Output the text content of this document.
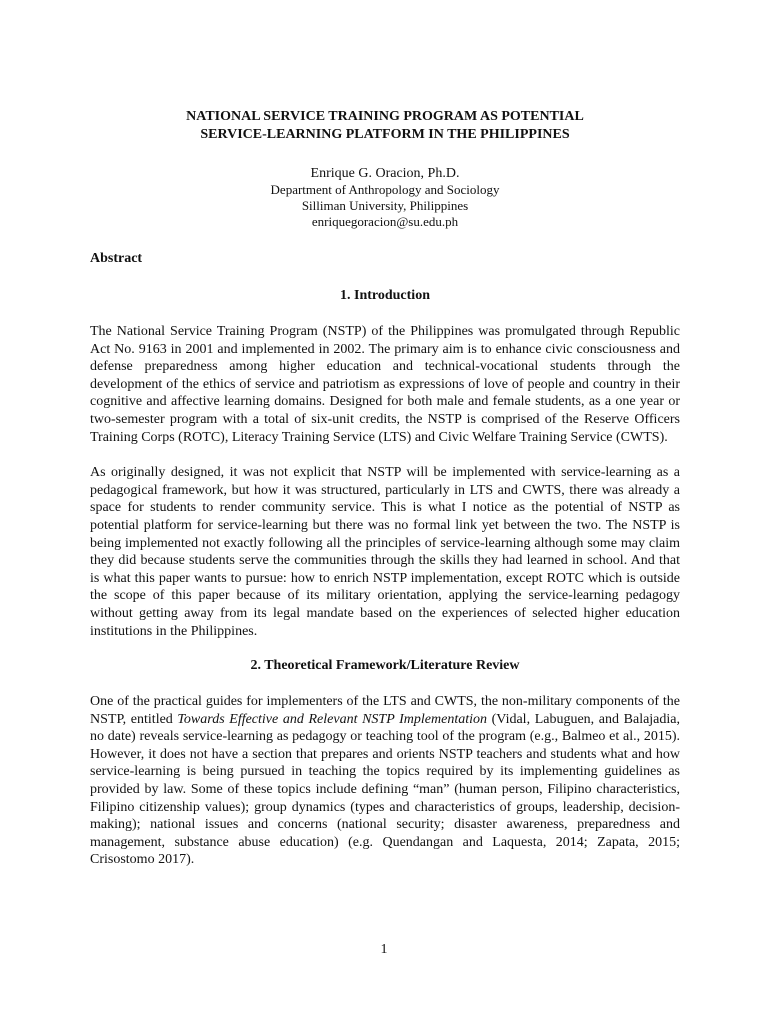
NATIONAL SERVICE TRAINING PROGRAM AS POTENTIAL
SERVICE-LEARNING PLATFORM IN THE PHILIPPINES
Enrique G. Oracion, Ph.D.
Department of Anthropology and Sociology
Silliman University, Philippines
enriquegoracion@su.edu.ph
Abstract
1. Introduction

The National Service Training Program (NSTP) of the Philippines was promulgated through Republic Act No. 9163 in 2001 and implemented in 2002. The primary aim is to enhance civic consciousness and defense preparedness among higher education and technical-vocational students through the development of the ethics of service and patriotism as expressions of love of people and country in their cognitive and affective learning domains. Designed for both male and female students, as a one year or two-semester program with a total of six-unit credits, the NSTP is comprised of the Reserve Officers Training Corps (ROTC), Literacy Training Service (LTS) and Civic Welfare Training Service (CWTS).

As originally designed, it was not explicit that NSTP will be implemented with service-learning as a pedagogical framework, but how it was structured, particularly in LTS and CWTS, there was already a space for students to render community service. This is what I notice as the potential of NSTP as potential platform for service-learning but there was no formal link yet between the two. The NSTP is being implemented not exactly following all the principles of service-learning although some may claim they did because students serve the communities through the skills they had learned in school. And that is what this paper wants to pursue: how to enrich NSTP implementation, except ROTC which is outside the scope of this paper because of its military orientation, applying the service-learning pedagogy without getting away from its legal mandate based on the experiences of selected higher education institutions in the Philippines.

2. Theoretical Framework/Literature Review

One of the practical guides for implementers of the LTS and CWTS, the non-military components of the NSTP, entitled Towards Effective and Relevant NSTP Implementation (Vidal, Labuguen, and Balajadia, no date) reveals service-learning as pedagogy or teaching tool of the program (e.g., Balmeo et al., 2015). However, it does not have a section that prepares and orients NSTP teachers and students what and how service-learning is being pursued in teaching the topics required by its implementing guidelines as provided by law. Some of these topics include defining “man” (human person, Filipino characteristics, Filipino citizenship values); group dynamics (types and characteristics of groups, leadership, decision-making); national issues and concerns (national security; disaster awareness, preparedness and management, substance abuse education) (e.g. Quendangan and Laquesta, 2014; Zapata, 2015; Crisostomo 2017).

1
